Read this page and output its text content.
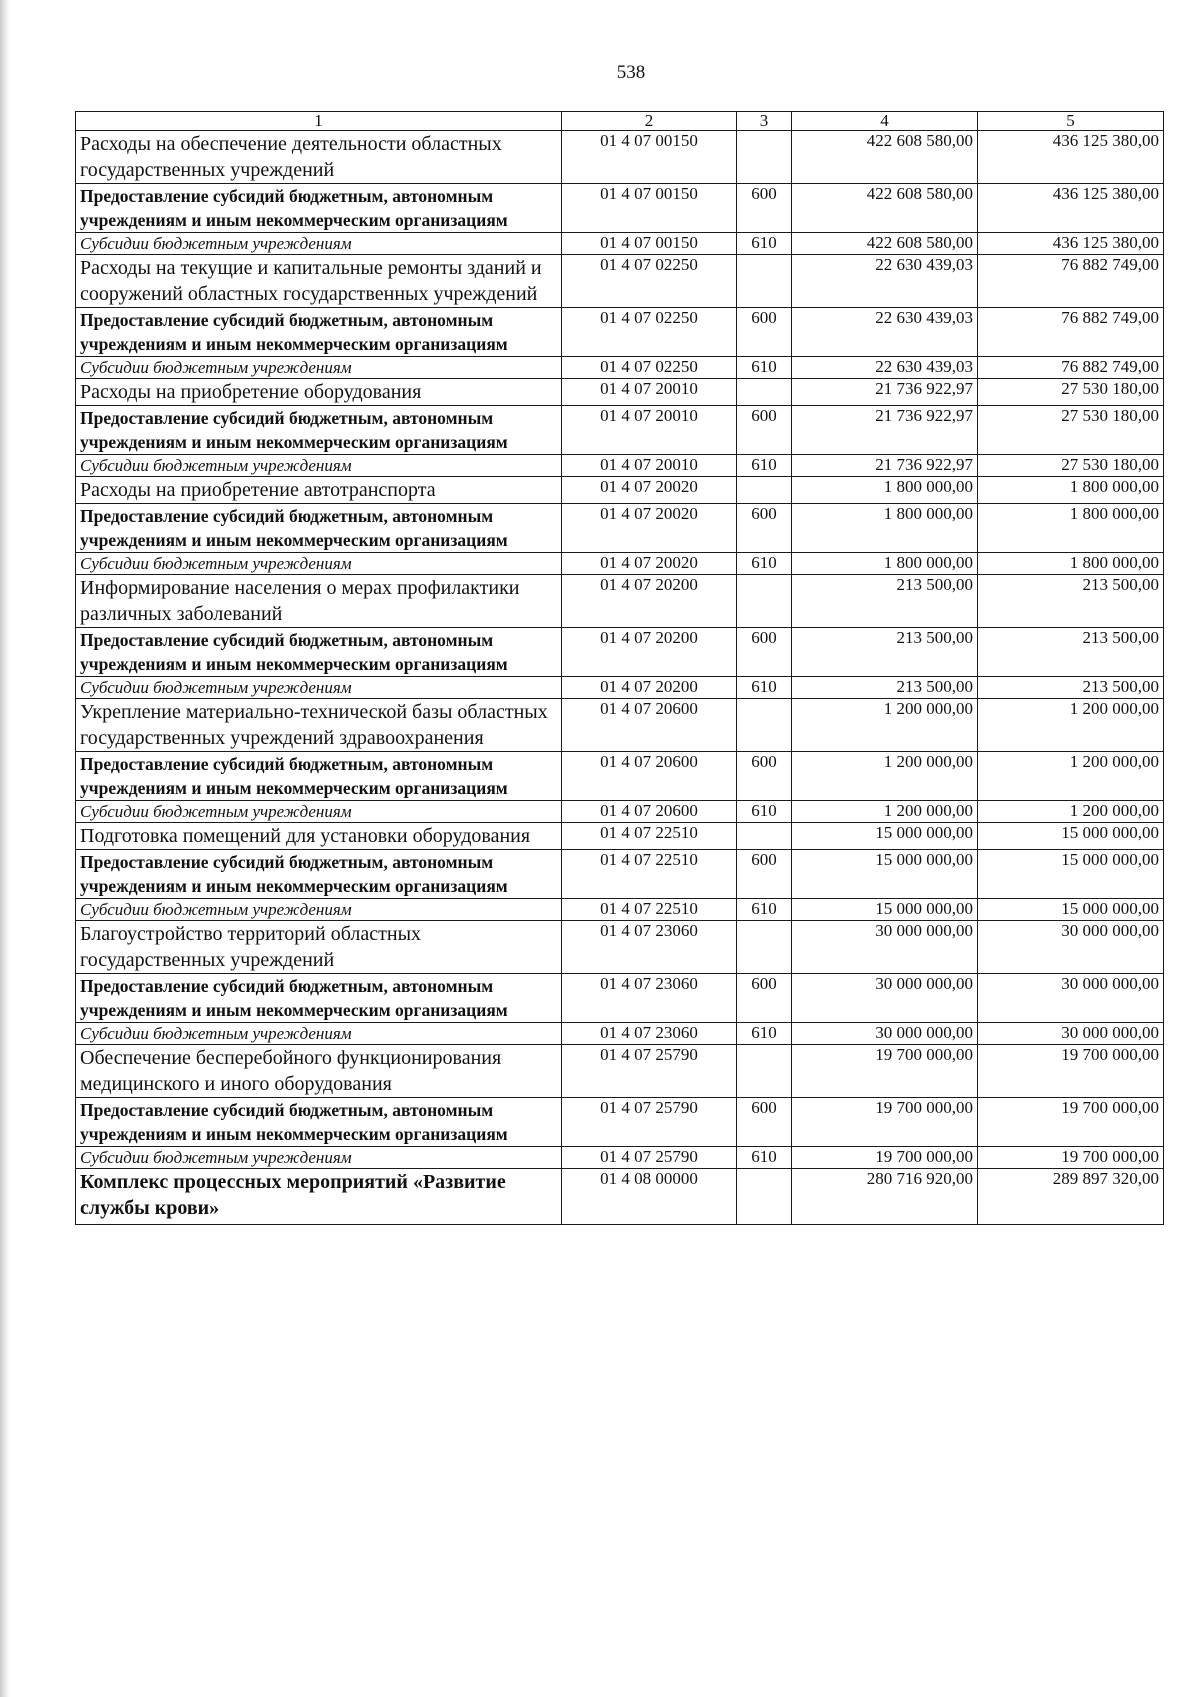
538
1	2	3	4	5
Расходы на обеспечение деятельности областных государственных учреждений	01 4 07 00150		422 608 580,00	436 125 380,00
Предоставление субсидий бюджетным, автономным учреждениям и иным некоммерческим организациям	01 4 07 00150	600	422 608 580,00	436 125 380,00
Субсидии бюджетным учреждениям	01 4 07 00150	610	422 608 580,00	436 125 380,00
Расходы на текущие и капитальные ремонты зданий и сооружений областных государственных учреждений	01 4 07 02250		22 630 439,03	76 882 749,00
Предоставление субсидий бюджетным, автономным учреждениям и иным некоммерческим организациям	01 4 07 02250	600	22 630 439,03	76 882 749,00
Субсидии бюджетным учреждениям	01 4 07 02250	610	22 630 439,03	76 882 749,00
Расходы на приобретение оборудования	01 4 07 20010		21 736 922,97	27 530 180,00
Предоставление субсидий бюджетным, автономным учреждениям и иным некоммерческим организациям	01 4 07 20010	600	21 736 922,97	27 530 180,00
Субсидии бюджетным учреждениям	01 4 07 20010	610	21 736 922,97	27 530 180,00
Расходы на приобретение автотранспорта	01 4 07 20020		1 800 000,00	1 800 000,00
Предоставление субсидий бюджетным, автономным учреждениям и иным некоммерческим организациям	01 4 07 20020	600	1 800 000,00	1 800 000,00
Субсидии бюджетным учреждениям	01 4 07 20020	610	1 800 000,00	1 800 000,00
Информирование населения о мерах профилактики различных заболеваний	01 4 07 20200		213 500,00	213 500,00
Предоставление субсидий бюджетным, автономным учреждениям и иным некоммерческим организациям	01 4 07 20200	600	213 500,00	213 500,00
Субсидии бюджетным учреждениям	01 4 07 20200	610	213 500,00	213 500,00
Укрепление материально-технической базы областных государственных учреждений здравоохранения	01 4 07 20600		1 200 000,00	1 200 000,00
Предоставление субсидий бюджетным, автономным учреждениям и иным некоммерческим организациям	01 4 07 20600	600	1 200 000,00	1 200 000,00
Субсидии бюджетным учреждениям	01 4 07 20600	610	1 200 000,00	1 200 000,00
Подготовка помещений для установки оборудования	01 4 07 22510		15 000 000,00	15 000 000,00
Предоставление субсидий бюджетным, автономным учреждениям и иным некоммерческим организациям	01 4 07 22510	600	15 000 000,00	15 000 000,00
Субсидии бюджетным учреждениям	01 4 07 22510	610	15 000 000,00	15 000 000,00
Благоустройство территорий областных государственных учреждений	01 4 07 23060		30 000 000,00	30 000 000,00
Предоставление субсидий бюджетным, автономным учреждениям и иным некоммерческим организациям	01 4 07 23060	600	30 000 000,00	30 000 000,00
Субсидии бюджетным учреждениям	01 4 07 23060	610	30 000 000,00	30 000 000,00
Обеспечение бесперебойного функционирования медицинского и иного оборудования	01 4 07 25790		19 700 000,00	19 700 000,00
Предоставление субсидий бюджетным, автономным учреждениям и иным некоммерческим организациям	01 4 07 25790	600	19 700 000,00	19 700 000,00
Субсидии бюджетным учреждениям	01 4 07 25790	610	19 700 000,00	19 700 000,00
Комплекс процессных мероприятий «Развитие службы крови»	01 4 08 00000		280 716 920,00	289 897 320,00
